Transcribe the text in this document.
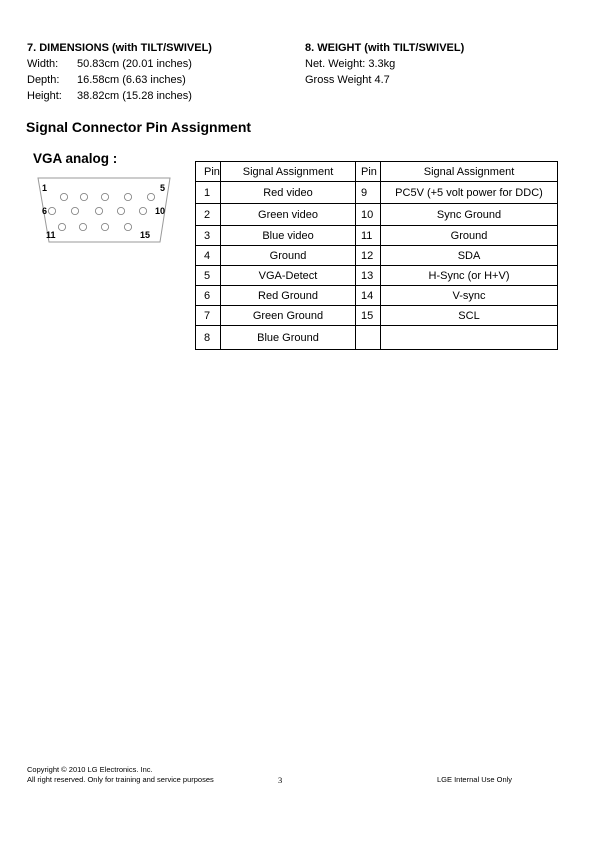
7. DIMENSIONS (with TILT/SWIVEL)
Width:	50.83cm (20.01 inches)
Depth:	16.58cm (6.63 inches)
Height:	38.82cm (15.28 inches)
8. WEIGHT (with TILT/SWIVEL)
Net. Weight: 3.3kg
Gross Weight 4.7
Signal Connector Pin Assignment
VGA analog :
1	5
6	10
11	15
Pin	Signal Assignment	Pin	Signal Assignment
1	Red video	9	PC5V (+5 volt power for DDC)
2	Green video	10	Sync Ground
3	Blue video	11	Ground
4	Ground	12	SDA
5	VGA-Detect	13	H-Sync (or H+V)
6	Red Ground	14	V-sync
7	Green Ground	15	SCL
8	Blue Ground		
Copyright © 2010 LG Electronics. Inc.
All right reserved. Only for training and service purposes	3	LGE Internal Use Only
